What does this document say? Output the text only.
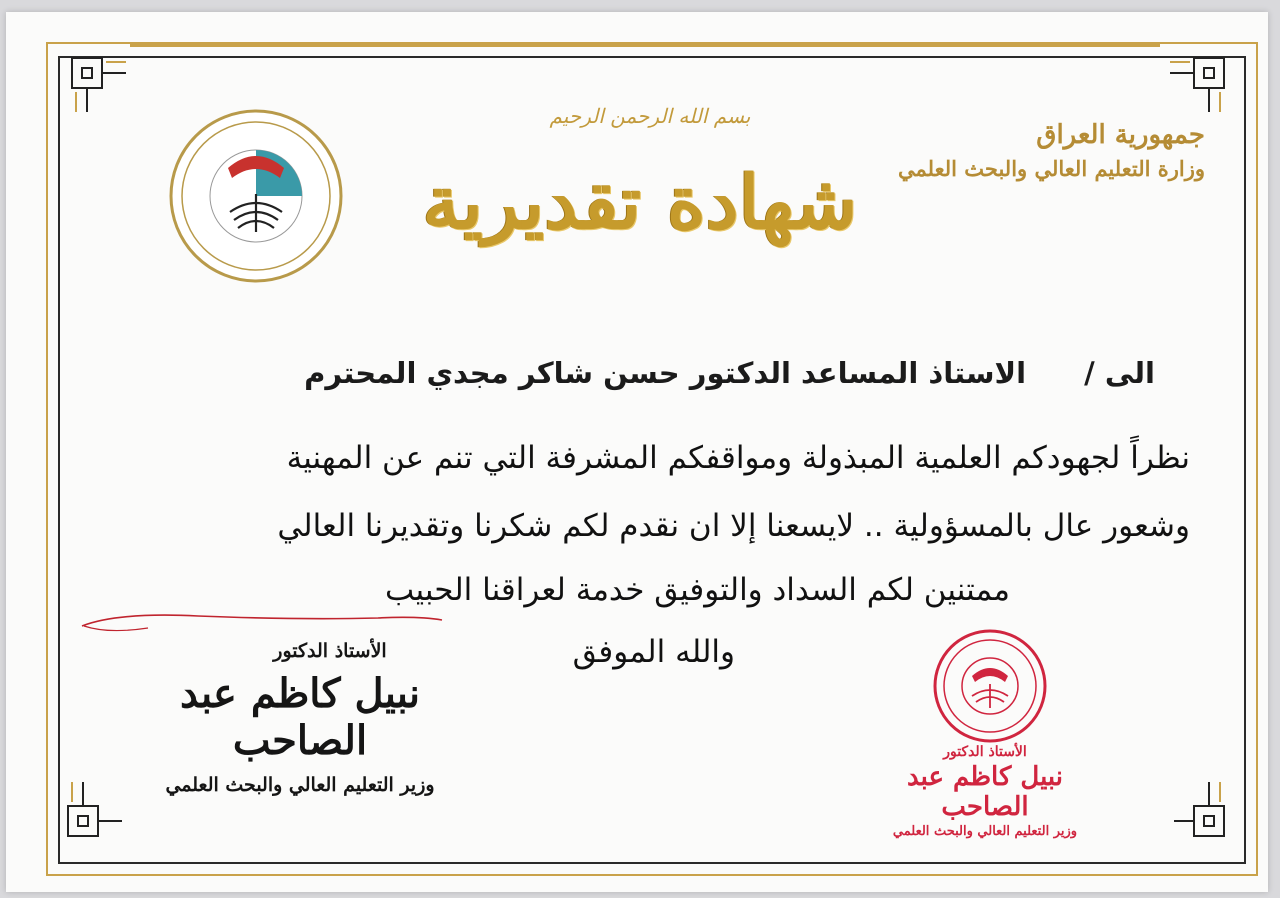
بسم الله الرحمن الرحيم
شهادة تقديرية
جمهورية العراق
وزارة التعليم العالي والبحث العلمي
الى / الاستاذ المساعد الدكتور حسن شاكر مجدي المحترم
نظراً لجهودكم العلمية المبذولة ومواقفكم المشرفة التي تنم عن المهنية
وشعور عال بالمسؤولية .. لايسعنا إلا ان نقدم لكم شكرنا وتقديرنا العالي
ممتنين لكم السداد والتوفيق خدمة لعراقنا الحبيب
والله الموفق
الأستاذ الدكتور
نبيل كاظم عبد الصاحب
وزير التعليم العالي والبحث العلمي
الأستاذ الدكتور
نبيل كاظم عبد الصاحب
وزير التعليم العالي والبحث العلمي
